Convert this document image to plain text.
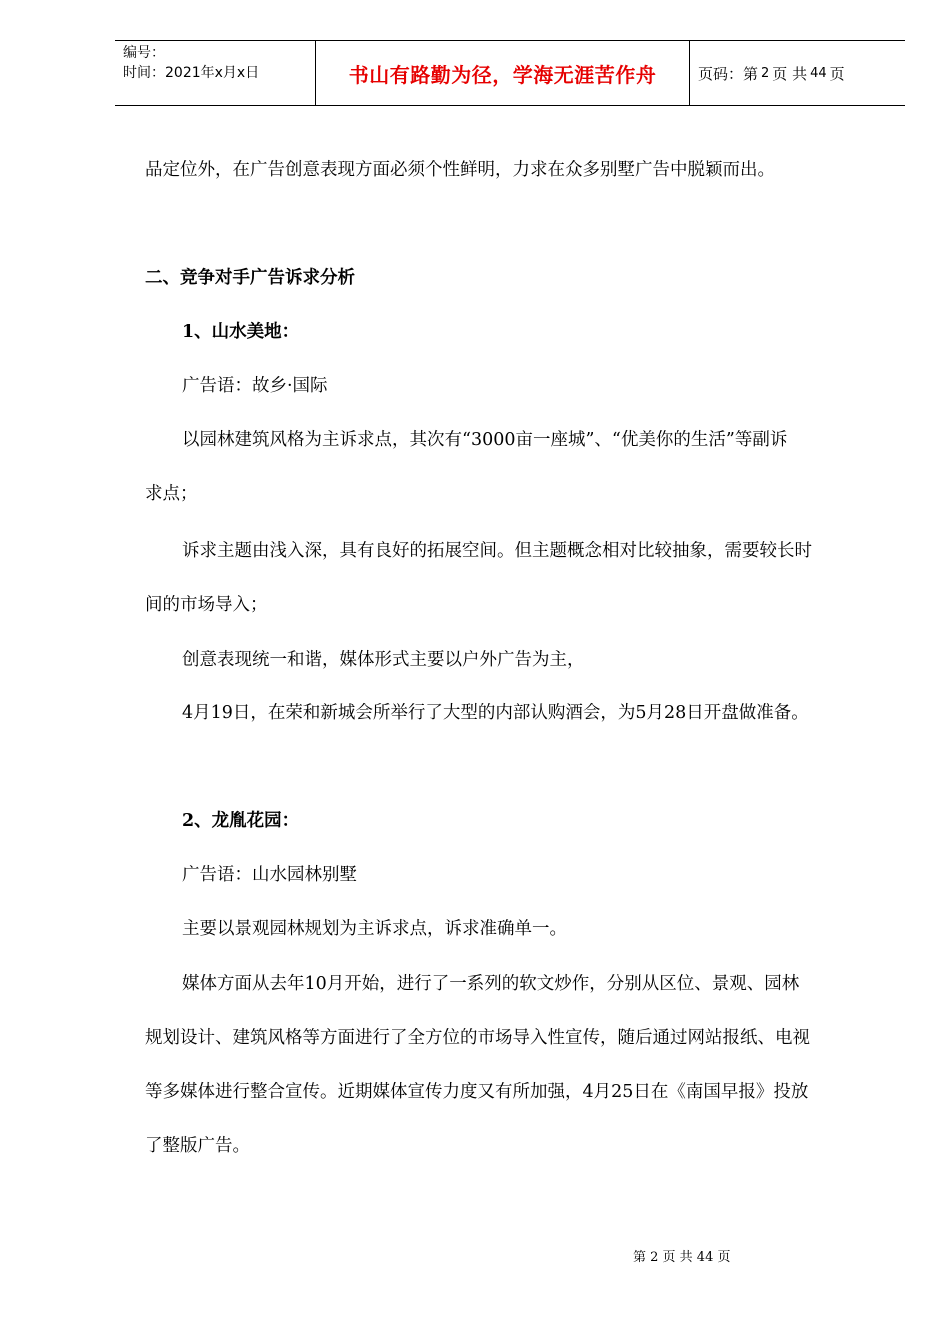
编号：
时间：2021年x月x日	书山有路勤为径，学海无涯苦作舟	页码：第 2 页 共 44 页
品定位外，在广告创意表现方面必须个性鲜明，力求在众多别墅广告中脱颖而出。
二、竞争对手广告诉求分析
1、山水美地：
广告语：故乡·国际
以园林建筑风格为主诉求点，其次有“3000亩一座城”、“优美你的生活”等副诉
求点；
诉求主题由浅入深，具有良好的拓展空间。但主题概念相对比较抽象，需要较长时
间的市场导入；
创意表现统一和谐，媒体形式主要以户外广告为主，
4月19日，在荣和新城会所举行了大型的内部认购酒会，为5月28日开盘做准备。
2、龙胤花园：
广告语：山水园林别墅
主要以景观园林规划为主诉求点，诉求准确单一。
媒体方面从去年10月开始，进行了一系列的软文炒作，分别从区位、景观、园林
规划设计、建筑风格等方面进行了全方位的市场导入性宣传，随后通过网站报纸、电视
等多媒体进行整合宣传。近期媒体宣传力度又有所加强，4月25日在《南国早报》投放
了整版广告。
第 2 页 共 44 页
